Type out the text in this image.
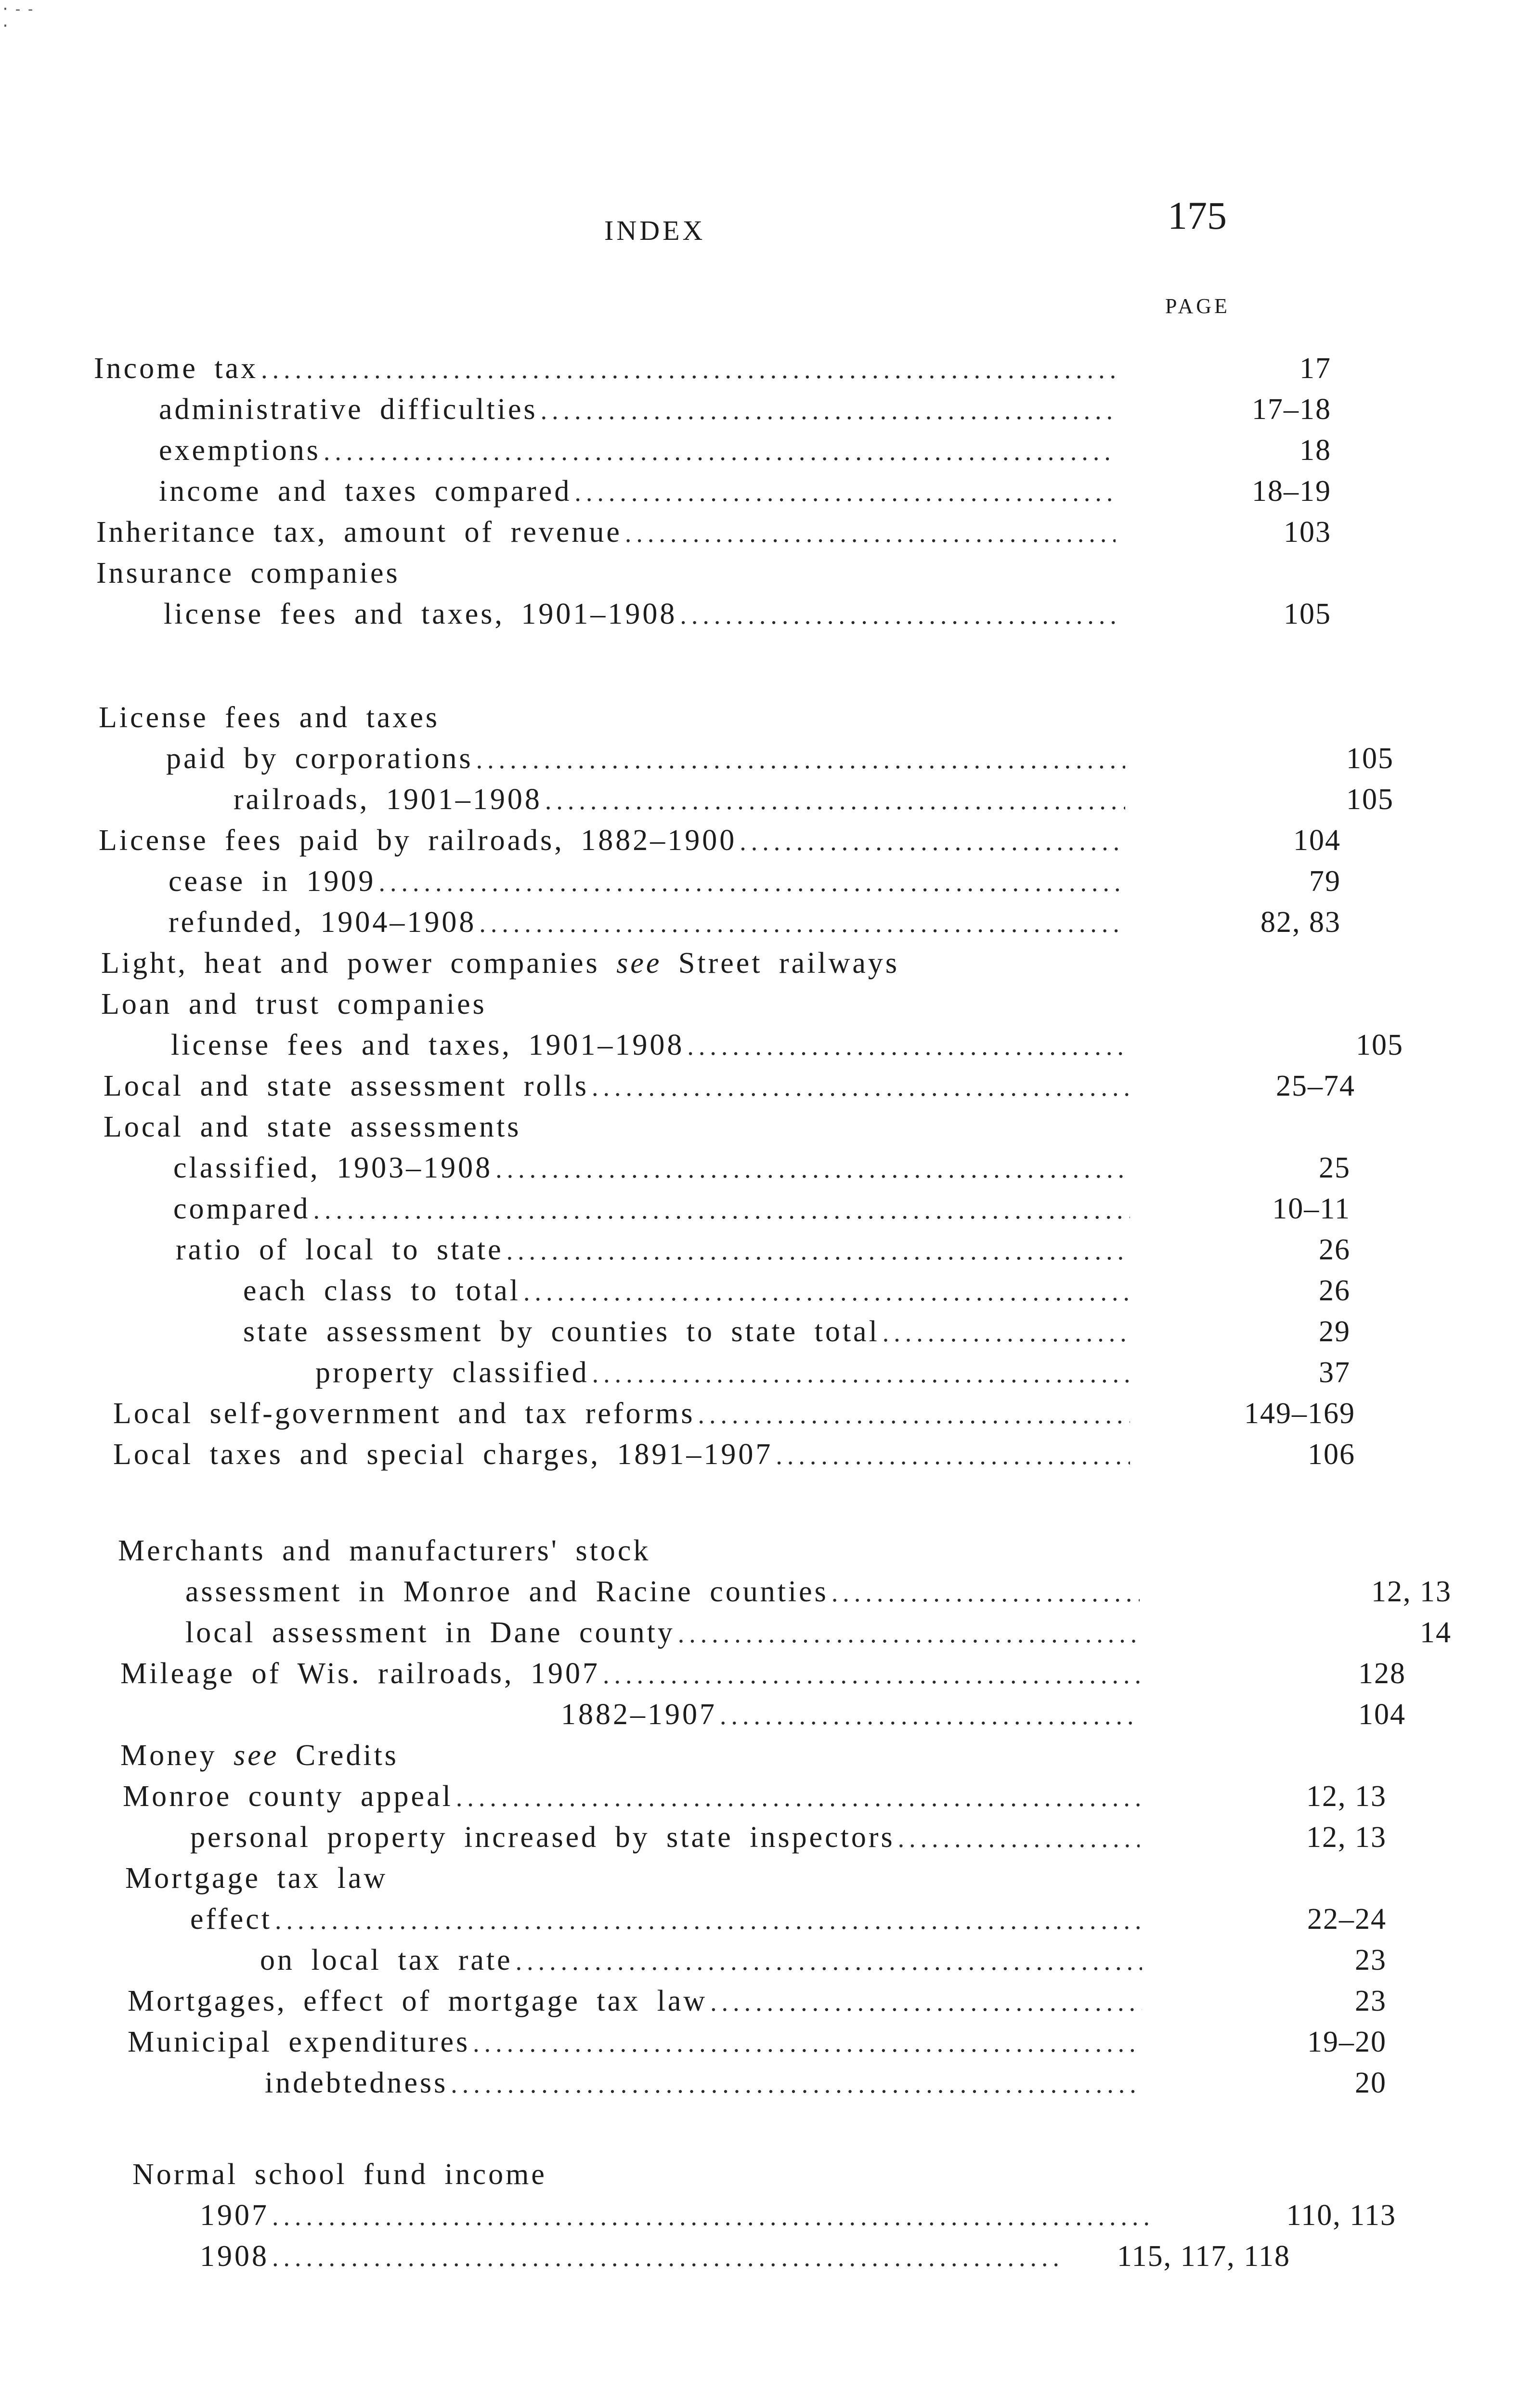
·--·
INDEX	175
PAGE
Income tax .....	17
administrative difficulties .....	17–18
exemptions .....	18
income and taxes compared .....	18–19
Inheritance tax, amount of revenue .....	103
Insurance companies
license fees and taxes, 1901–1908 .....	105
License fees and taxes
paid by corporations .....	105
railroads, 1901–1908 .....	105
License fees paid by railroads, 1882–1900 .....	104
cease in 1909 .....	79
refunded, 1904–1908 .....	82, 83
Light, heat and power companies see Street railways
Loan and trust companies
license fees and taxes, 1901–1908 .....	105
Local and state assessment rolls .....	25–74
Local and state assessments
classified, 1903–1908 .....	25
compared .....	10–11
ratio of local to state .....	26
each class to total .....	26
state assessment by counties to state total .....	29
property classified .....	37
Local self-government and tax reforms .....	149–169
Local taxes and special charges, 1891–1907 .....	106
Merchants and manufacturers' stock
assessment in Monroe and Racine counties .....	12, 13
local assessment in Dane county .....	14
Mileage of Wis. railroads, 1907 .....	128
1882–1907 .....	104
Money see Credits
Monroe county appeal .....	12, 13
personal property increased by state inspectors .....	12, 13
Mortgage tax law
effect .....	22–24
on local tax rate .....	23
Mortgages, effect of mortgage tax law .....	23
Municipal expenditures .....	19–20
indebtedness .....	20
Normal school fund income
1907 .....	110, 113
1908 .....	115, 117, 118
